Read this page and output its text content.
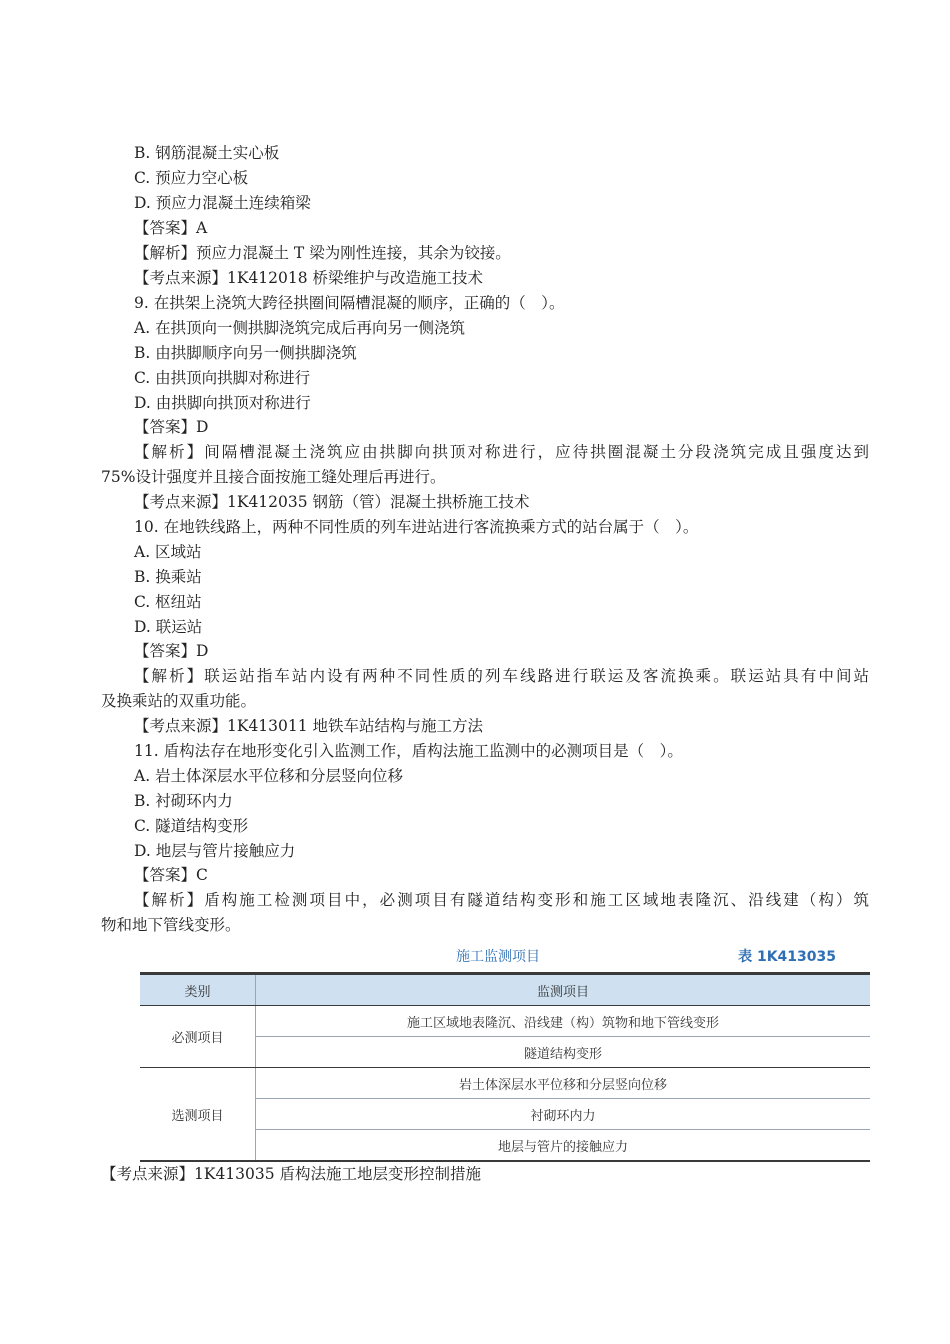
B. 钢筋混凝土实心板
C. 预应力空心板
D. 预应力混凝土连续箱梁
【答案】A
【解析】预应力混凝土 T 梁为刚性连接，其余为铰接。
【考点来源】1K412018 桥梁维护与改造施工技术
9. 在拱架上浇筑大跨径拱圈间隔槽混凝的顺序，正确的（　）。
A. 在拱顶向一侧拱脚浇筑完成后再向另一侧浇筑
B. 由拱脚顺序向另一侧拱脚浇筑
C. 由拱顶向拱脚对称进行
D. 由拱脚向拱顶对称进行
【答案】D
【解析】间隔槽混凝土浇筑应由拱脚向拱顶对称进行，应待拱圈混凝土分段浇筑完成且强度达到
75%设计强度并且接合面按施工缝处理后再进行。
【考点来源】1K412035 钢筋（管）混凝土拱桥施工技术
10. 在地铁线路上，两种不同性质的列车进站进行客流换乘方式的站台属于（　）。
A. 区域站
B. 换乘站
C. 枢纽站
D. 联运站
【答案】D
【解析】联运站指车站内设有两种不同性质的列车线路进行联运及客流换乘。联运站具有中间站
及换乘站的双重功能。
【考点来源】1K413011 地铁车站结构与施工方法
11. 盾构法存在地形变化引入监测工作，盾构法施工监测中的必测项目是（　）。
A. 岩土体深层水平位移和分层竖向位移
B. 衬砌环内力
C. 隧道结构变形
D. 地层与管片接触应力
【答案】C
【解析】盾构施工检测项目中，必测项目有隧道结构变形和施工区域地表隆沉、沿线建（构）筑
物和地下管线变形。
施工监测项目	表 1K413035
类别	监测项目
必测项目	施工区域地表隆沉、沿线建（构）筑物和地下管线变形
	隧道结构变形
选测项目	岩土体深层水平位移和分层竖向位移
	衬砌环内力
	地层与管片的接触应力
【考点来源】1K413035 盾构法施工地层变形控制措施
